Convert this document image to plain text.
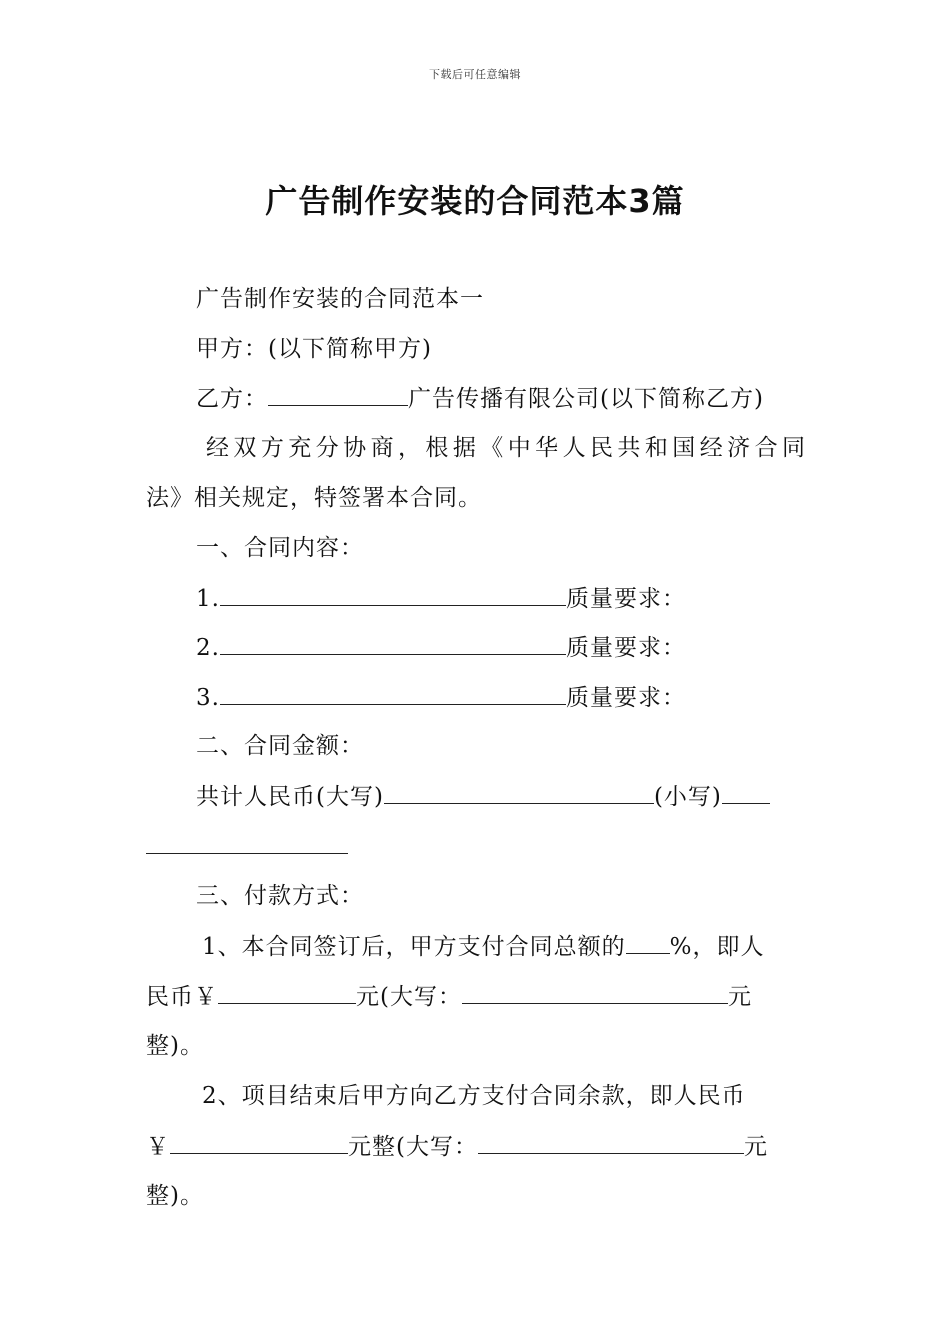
下载后可任意编辑
广告制作安装的合同范本3篇
广告制作安装的合同范本一
甲方：(以下简称甲方)
乙方：	广告传播有限公司(以下简称乙方)
经双方充分协商，根据《中华人民共和国经济合同
法》相关规定，特签署本合同。
一、合同内容：
1.	质量要求：
2.	质量要求：
3.	质量要求：
二、合同金额：
共计人民币(大写)	(小写)
三、付款方式：
1、本合同签订后，甲方支付合同总额的 %，即人
民币￥	元(大写：	元
整)。
2、项目结束后甲方向乙方支付合同余款，即人民币
￥	元整(大写：	元
整)。
